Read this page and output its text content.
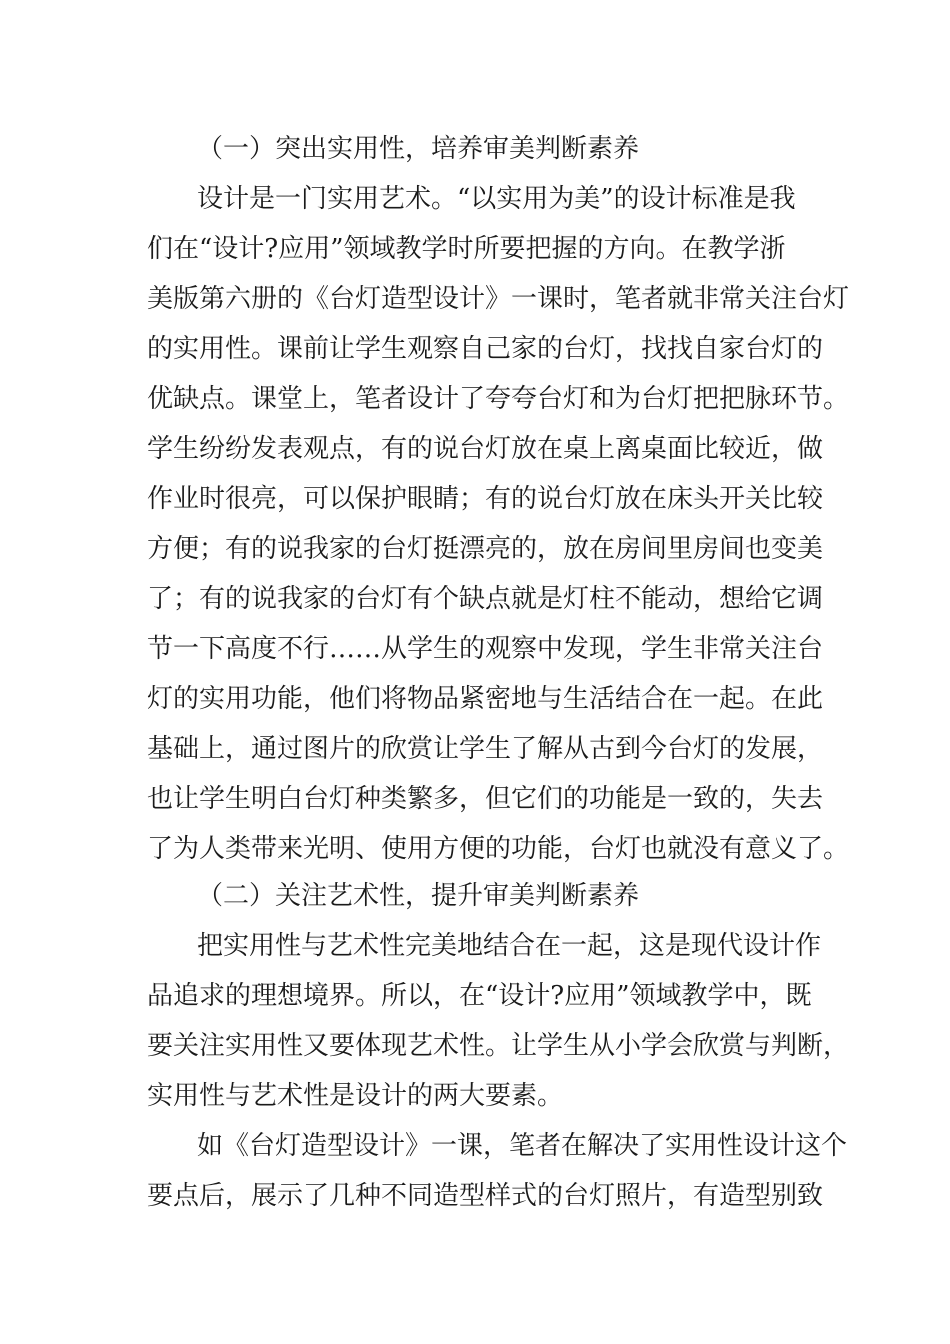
（一）突出实用性，培养审美判断素养
设计是一门实用艺术。“以实用为美”的设计标准是我
们在“设计?应用”领域教学时所要把握的方向。在教学浙
美版第六册的《台灯造型设计》一课时，笔者就非常关注台灯
的实用性。课前让学生观察自己家的台灯，找找自家台灯的
优缺点。课堂上，笔者设计了夸夸台灯和为台灯把把脉环节。
学生纷纷发表观点，有的说台灯放在桌上离桌面比较近，做
作业时很亮，可以保护眼睛；有的说台灯放在床头开关比较
方便；有的说我家的台灯挺漂亮的，放在房间里房间也变美
了；有的说我家的台灯有个缺点就是灯柱不能动，想给它调
节一下高度不行……从学生的观察中发现，学生非常关注台
灯的实用功能，他们将物品紧密地与生活结合在一起。在此
基础上，通过图片的欣赏让学生了解从古到今台灯的发展，
也让学生明白台灯种类繁多，但它们的功能是一致的，失去
了为人类带来光明、使用方便的功能，台灯也就没有意义了。
（二）关注艺术性，提升审美判断素养
把实用性与艺术性完美地结合在一起，这是现代设计作
品追求的理想境界。所以，在“设计?应用”领域教学中，既
要关注实用性又要体现艺术性。让学生从小学会欣赏与判断，
实用性与艺术性是设计的两大要素。
如《台灯造型设计》一课，笔者在解决了实用性设计这个
要点后，展示了几种不同造型样式的台灯照片，有造型别致
